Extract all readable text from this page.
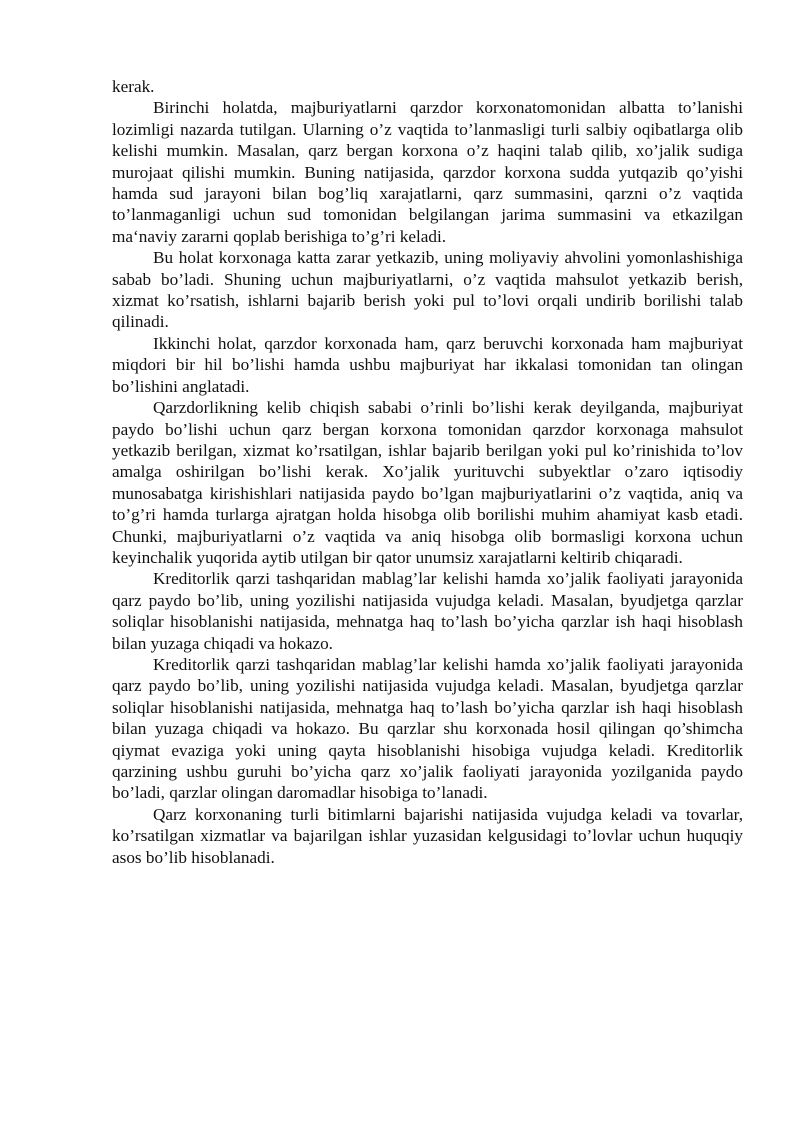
kerak.

Birinchi holatda, majburiyatlarni qarzdor korxonatomonidan albatta to’lanishi lozimligi nazarda tutilgan. Ularning o’z vaqtida to’lanmasligi turli salbiy oqibatlarga olib kelishi mumkin. Masalan, qarz bergan korxona o’z haqini talab qilib, xo’jalik sudiga murojaat qilishi mumkin. Buning natijasida, qarzdor korxona sudda yutqazib qo’yishi hamda sud jarayoni bilan bog’liq xarajatlarni, qarz summasini, qarzni o’z vaqtida to’lanmaganligi uchun sud tomonidan belgilangan jarima summasini va etkazilgan ma‘naviy zararni qoplab berishiga to’g’ri keladi.

Bu holat korxonaga katta zarar yetkazib, uning moliyaviy ahvolini yomonlashishiga sabab bo’ladi. Shuning uchun majburiyatlarni, o’z vaqtida mahsulot yetkazib berish, xizmat ko’rsatish, ishlarni bajarib berish yoki pul to’lovi orqali undirib borilishi talab qilinadi.

Ikkinchi holat, qarzdor korxonada ham, qarz beruvchi korxonada ham majburiyat miqdori bir hil bo’lishi hamda ushbu majburiyat har ikkalasi tomonidan tan olingan bo’lishini anglatadi.

Qarzdorlikning kelib chiqish sababi o’rinli bo’lishi kerak deyilganda, majburiyat paydo bo’lishi uchun qarz bergan korxona tomonidan qarzdor korxonaga mahsulot yetkazib berilgan, xizmat ko’rsatilgan, ishlar bajarib berilgan yoki pul ko’rinishida to’lov amalga oshirilgan bo’lishi kerak. Xo’jalik yurituvchi subyektlar o’zaro iqtisodiy munosabatga kirishishlari natijasida paydo bo’lgan majburiyatlarini o’z vaqtida, aniq va to’g’ri hamda turlarga ajratgan holda hisobga olib borilishi muhim ahamiyat kasb etadi. Chunki, majburiyatlarni o’z vaqtida va aniq hisobga olib bormasligi korxona uchun keyinchalik yuqorida aytib utilgan bir qator unumsiz xarajatlarni keltirib chiqaradi.

Kreditorlik qarzi tashqaridan mablag’lar kelishi hamda xo’jalik faoliyati jarayonida qarz paydo bo’lib, uning yozilishi natijasida vujudga keladi. Masalan, byudjetga qarzlar soliqlar hisoblanishi natijasida, mehnatga haq to’lash bo’yicha qarzlar ish haqi hisoblash bilan yuzaga chiqadi va hokazo.

Kreditorlik qarzi tashqaridan mablag’lar kelishi hamda xo’jalik faoliyati jarayonida qarz paydo bo’lib, uning yozilishi natijasida vujudga keladi. Masalan, byudjetga qarzlar soliqlar hisoblanishi natijasida, mehnatga haq to’lash bo’yicha qarzlar ish haqi hisoblash bilan yuzaga chiqadi va hokazo. Bu qarzlar shu korxonada hosil qilingan qo’shimcha qiymat evaziga yoki uning qayta hisoblanishi hisobiga vujudga keladi. Kreditorlik qarzining ushbu guruhi bo’yicha qarz xo’jalik faoliyati jarayonida yozilganida paydo bo’ladi, qarzlar olingan daromadlar hisobiga to’lanadi.

Qarz korxonaning turli bitimlarni bajarishi natijasida vujudga keladi va tovarlar, ko’rsatilgan xizmatlar va bajarilgan ishlar yuzasidan kelgusidagi to’lovlar uchun huquqiy asos bo’lib hisoblanadi.
